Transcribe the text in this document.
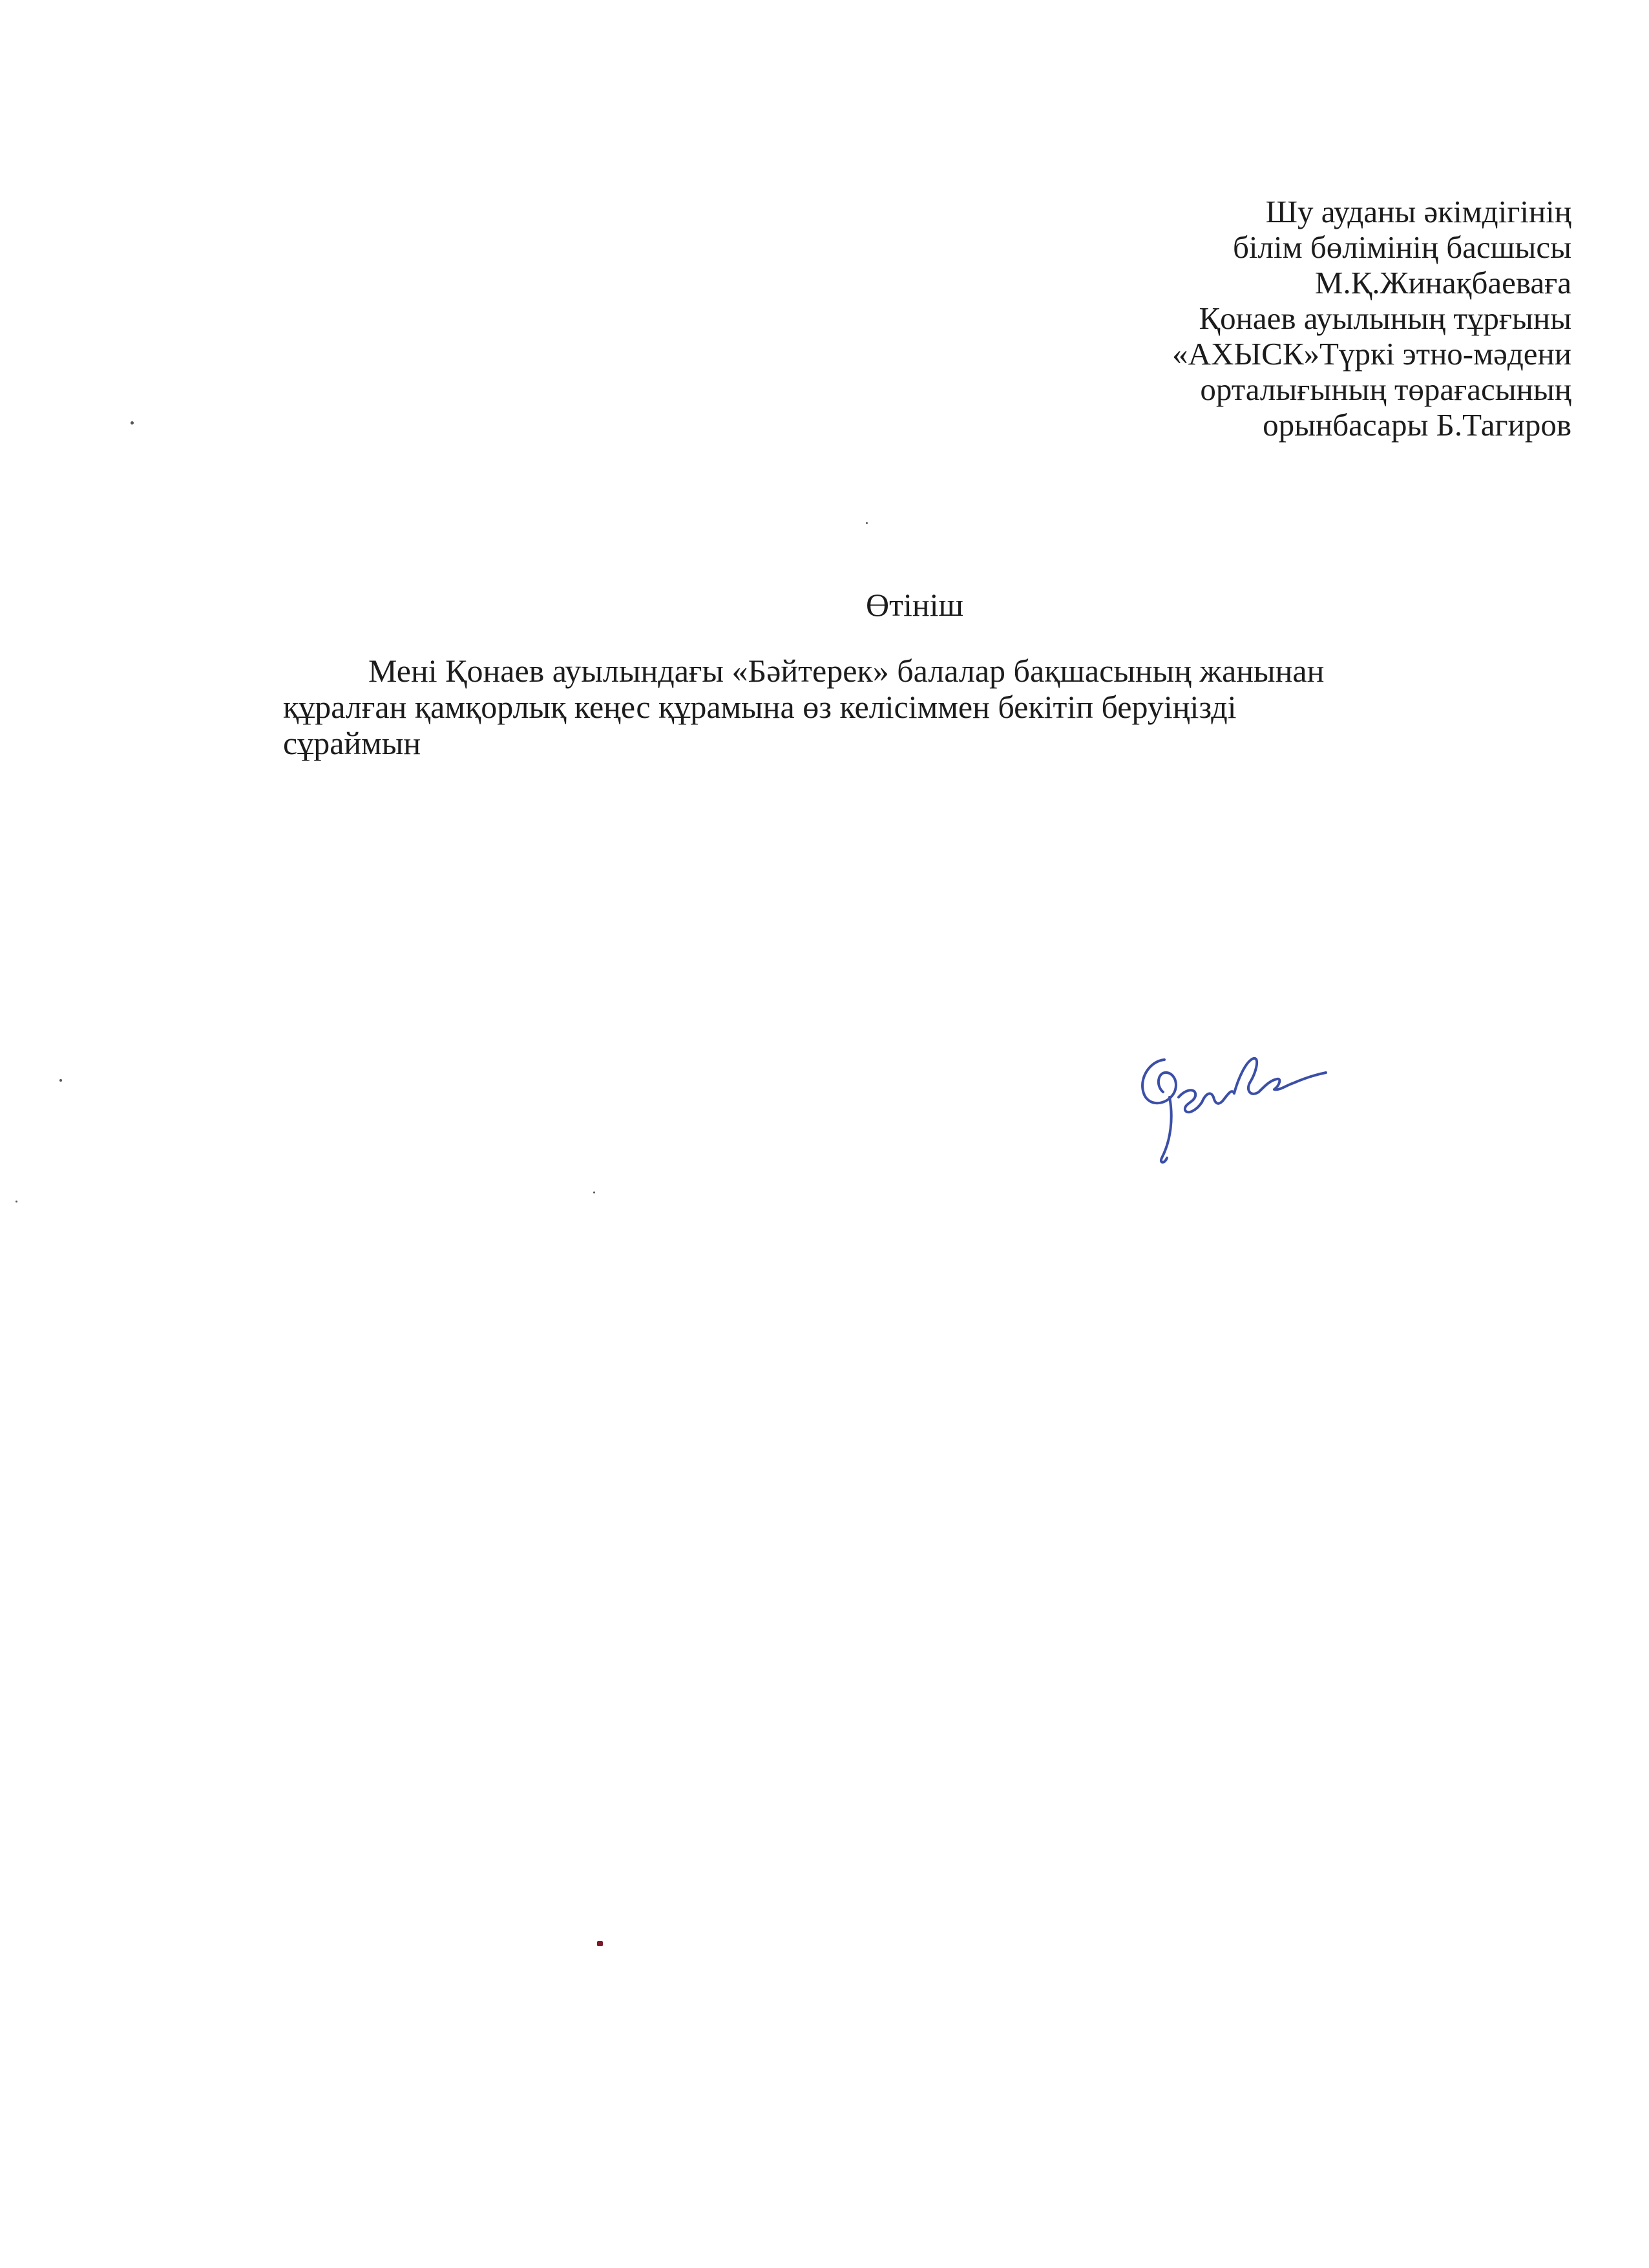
Шу ауданы әкімдігінің
білім бөлімінің басшысы
М.Қ.Жинақбаеваға
Қонаев ауылының тұрғыны
«АХЫСК»Түркі этно-мәдени
орталығының төрағасының
орынбасары Б.Тагиров
Өтініш
Мені Қонаев ауылындағы «Бәйтерек» балалар бақшасының жанынан
құралған қамқорлық кеңес құрамына өз келісіммен бекітіп беруіңізді
сұраймын
